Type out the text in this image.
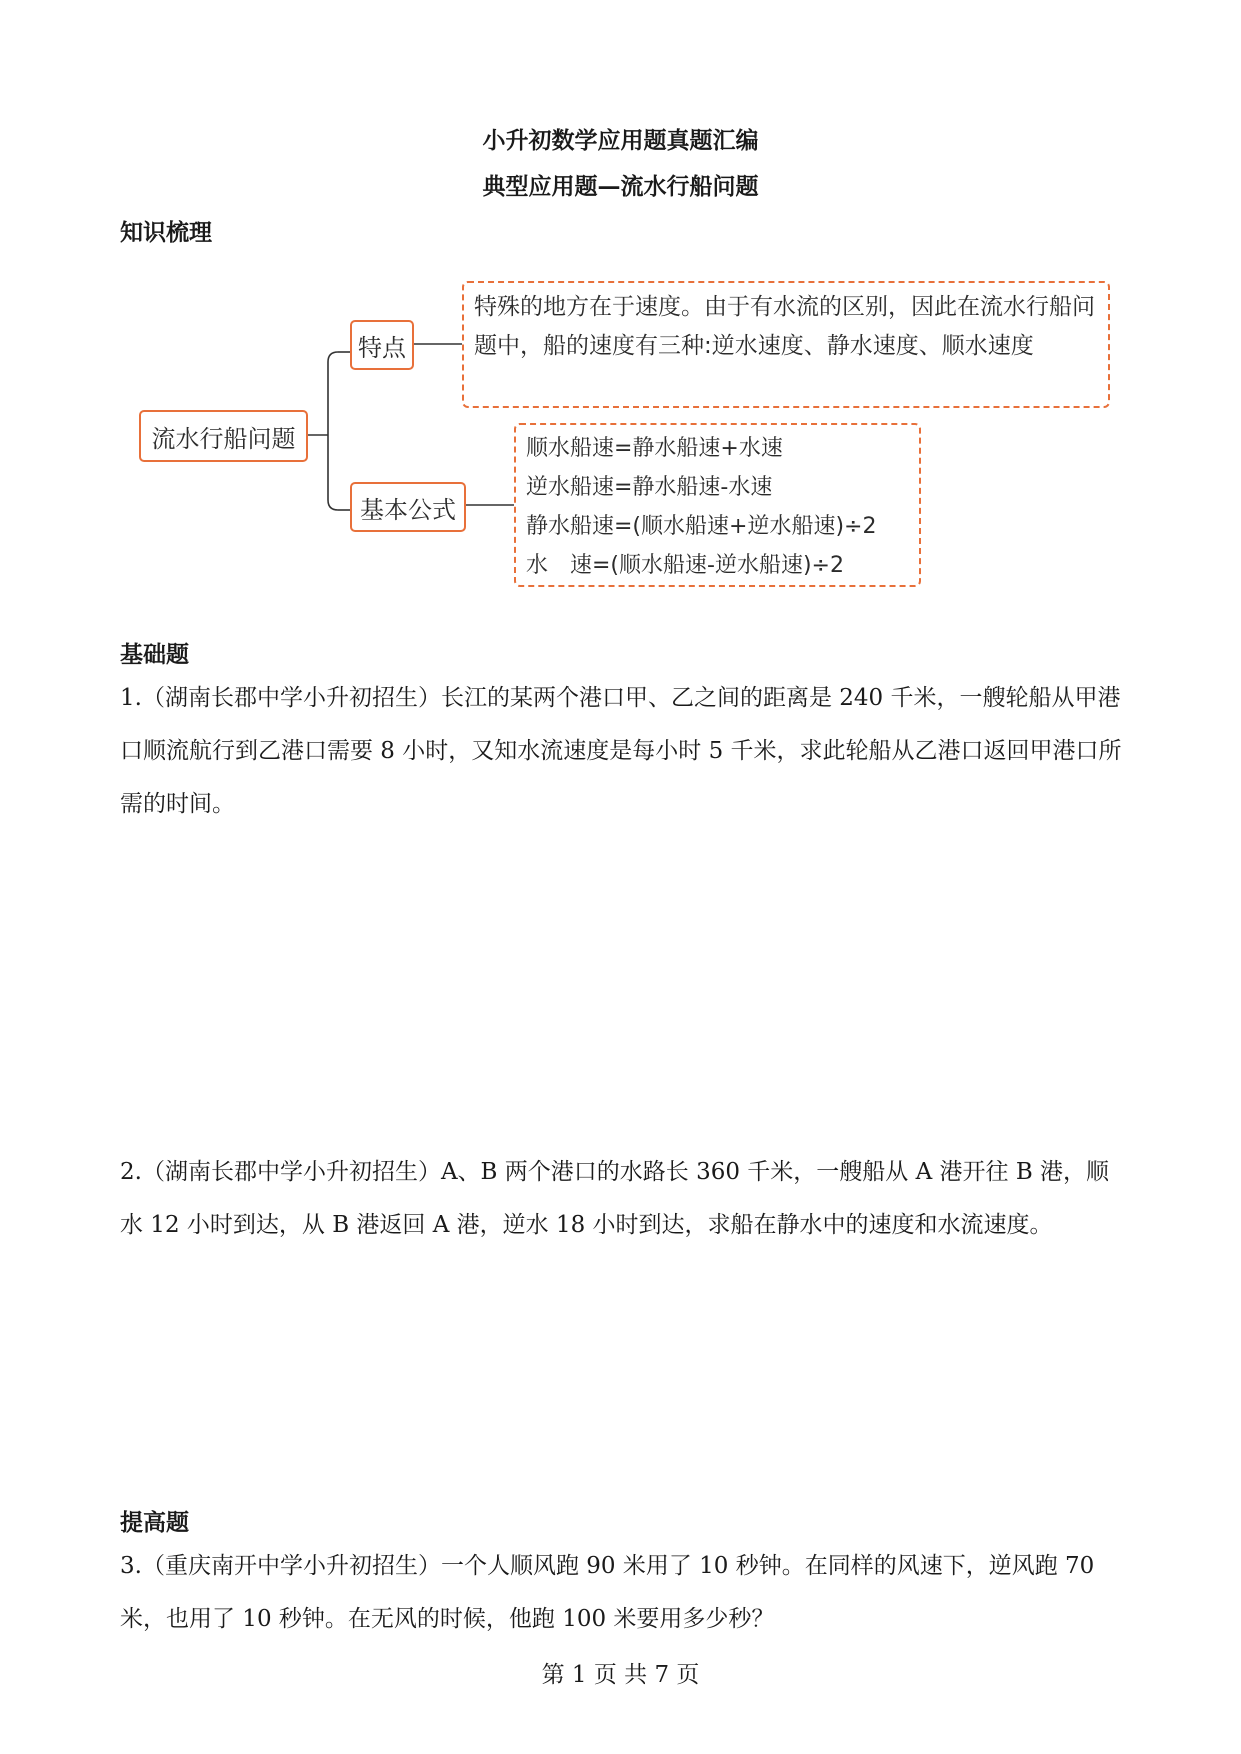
小升初数学应用题真题汇编
典型应用题—流水行船问题
知识梳理
流水行船问题
特点
基本公式
特殊的地方在于速度。由于有水流的区别，因此在流水行船问题中，船的速度有三种:逆水速度、静水速度、顺水速度
顺水船速=静水船速+水速
逆水船速=静水船速-水速
静水船速=(顺水船速+逆水船速)÷2
水　速=(顺水船速-逆水船速)÷2
基础题
1.（湖南长郡中学小升初招生）长江的某两个港口甲、乙之间的距离是 240 千米，一艘轮船从甲港口顺流航行到乙港口需要 8 小时，又知水流速度是每小时 5 千米，求此轮船从乙港口返回甲港口所需的时间。
2.（湖南长郡中学小升初招生）A、B 两个港口的水路长 360 千米，一艘船从 A 港开往 B 港，顺水 12 小时到达，从 B 港返回 A 港，逆水 18 小时到达，求船在静水中的速度和水流速度。
提高题
3.（重庆南开中学小升初招生）一个人顺风跑 90 米用了 10 秒钟。在同样的风速下，逆风跑 70 米，也用了 10 秒钟。在无风的时候，他跑 100 米要用多少秒？
第 1 页 共 7 页
